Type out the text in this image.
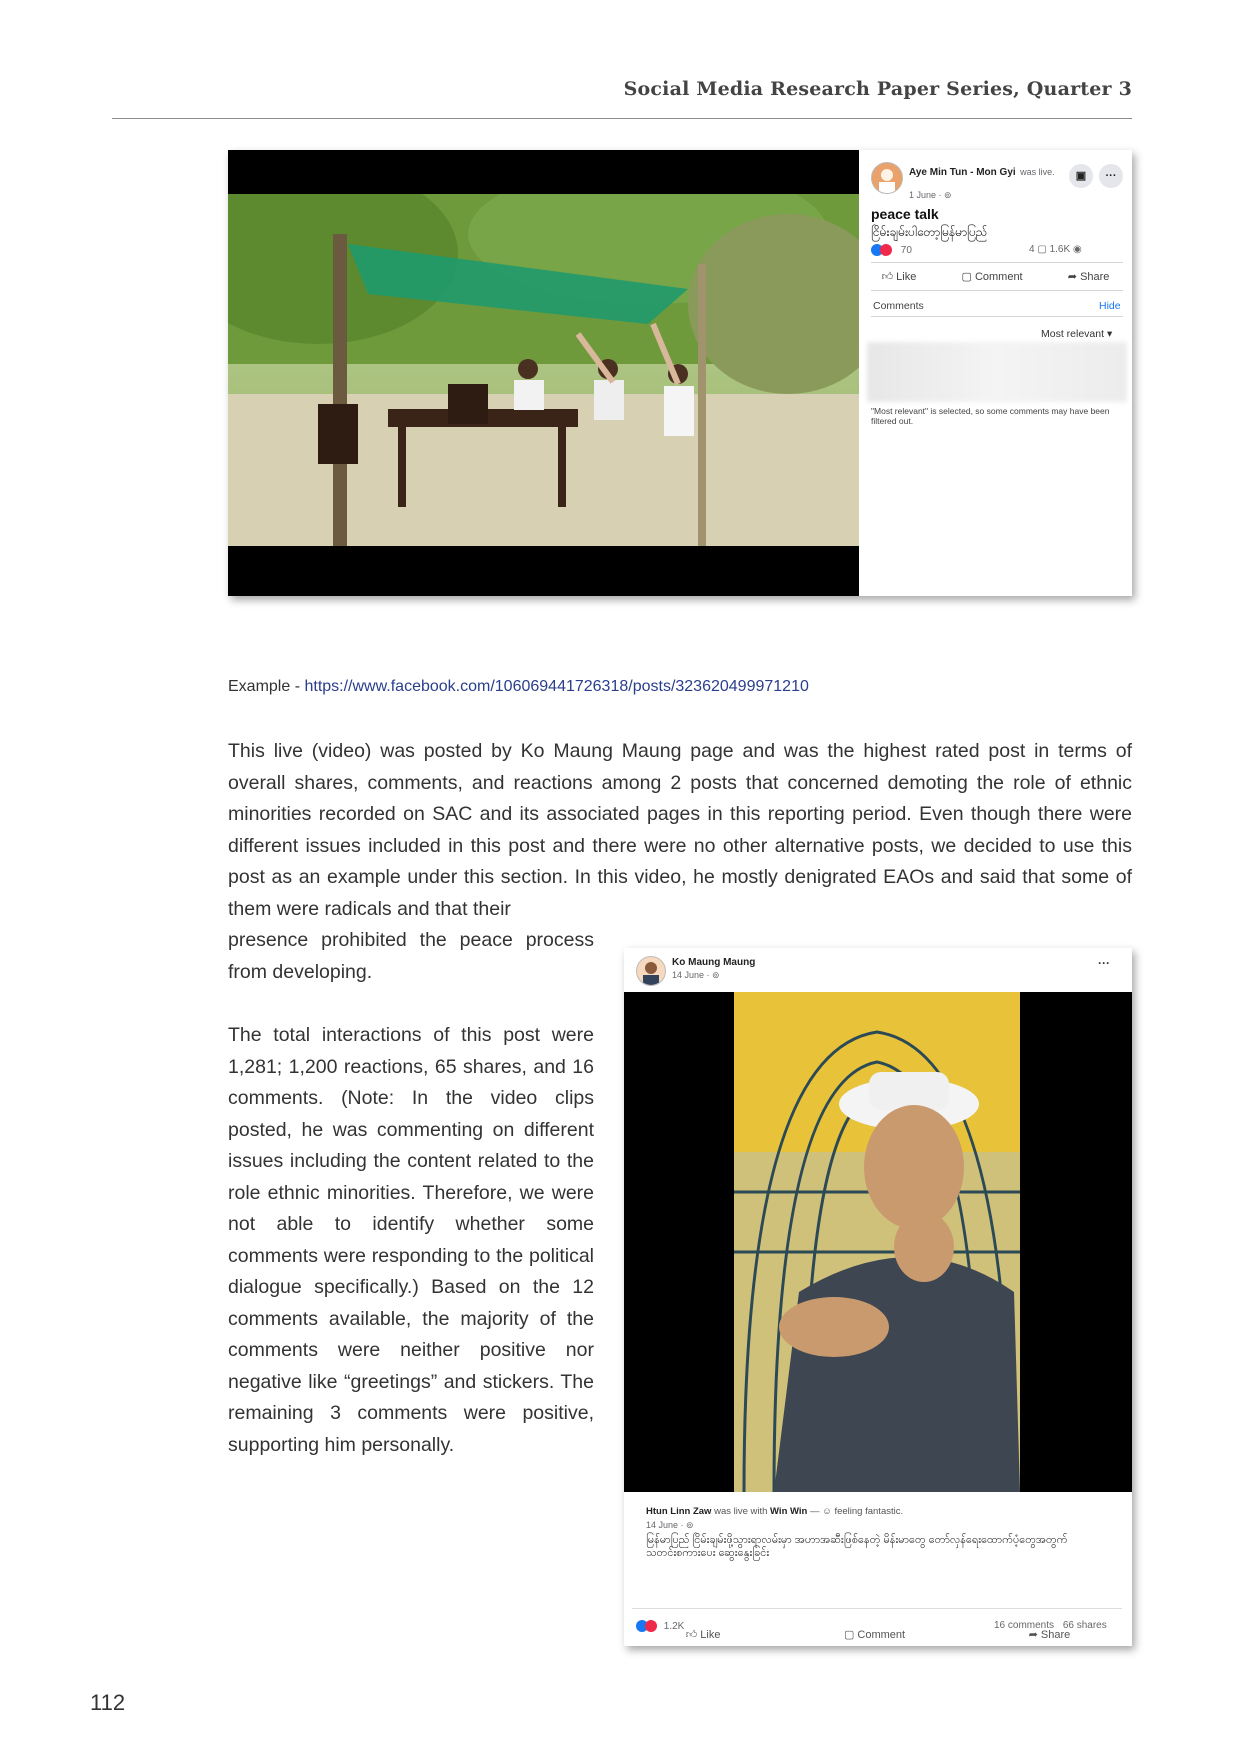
Social Media Research Paper Series, Quarter 3
Aye Min Tun - Mon Gyi was live.
1 June · ⊚
▣	···
peace talk
ငြိမ်းချမ်းပါတော့မြန်မာပြည်
70	4 ▢ 1.6K ◉
👍︎ Like	▢ Comment	➦ Share
Comments	Hide
Most relevant ▾
"Most relevant" is selected, so some comments may have been filtered out.
Example - https://www.facebook.com/106069441726318/posts/323620499971210
This live (video) was posted by Ko Maung Maung page and was the highest rated post in terms of overall shares, comments, and reactions among 2 posts that concerned demoting the role of ethnic minorities recorded on SAC and its associated pages in this reporting period. Even though there were different issues included in this post and there were no other alternative posts, we decided to use this post as an example under this section. In this video, he mostly denigrated EAOs and said that some of them were radicals and that their
presence prohibited the peace process from developing.
The total interactions of this post were 1,281; 1,200 reactions, 65 shares, and 16 comments. (Note: In the video clips posted, he was commenting on different issues including the content related to the role ethnic minorities. Therefore, we were not able to identify whether some comments were responding to the political dialogue specifically.) Based on the 12 comments available, the majority of the comments were neither positive nor negative like “greetings” and stickers. The remaining 3 comments were positive, supporting him personally.
Ko Maung Maung
14 June · ⊚
···
Htun Linn Zaw was live with Win Win — ☺ feeling fantastic.
14 June · ⊚
မြန်မာပြည် ငြိမ်းချမ်းဖို့သွားရာလမ်းမှာ အဟာအဆီးဖြစ်နေတဲ့ မိန်းမာတွေ တော်လှန်ရေးထောက်ပံ့တွေအတွက် သတင်းစကားပေး ဆွေးနွေးခြင်း
1.2K	16 comments 66 shares
👍︎ Like	▢ Comment	➦ Share
112
